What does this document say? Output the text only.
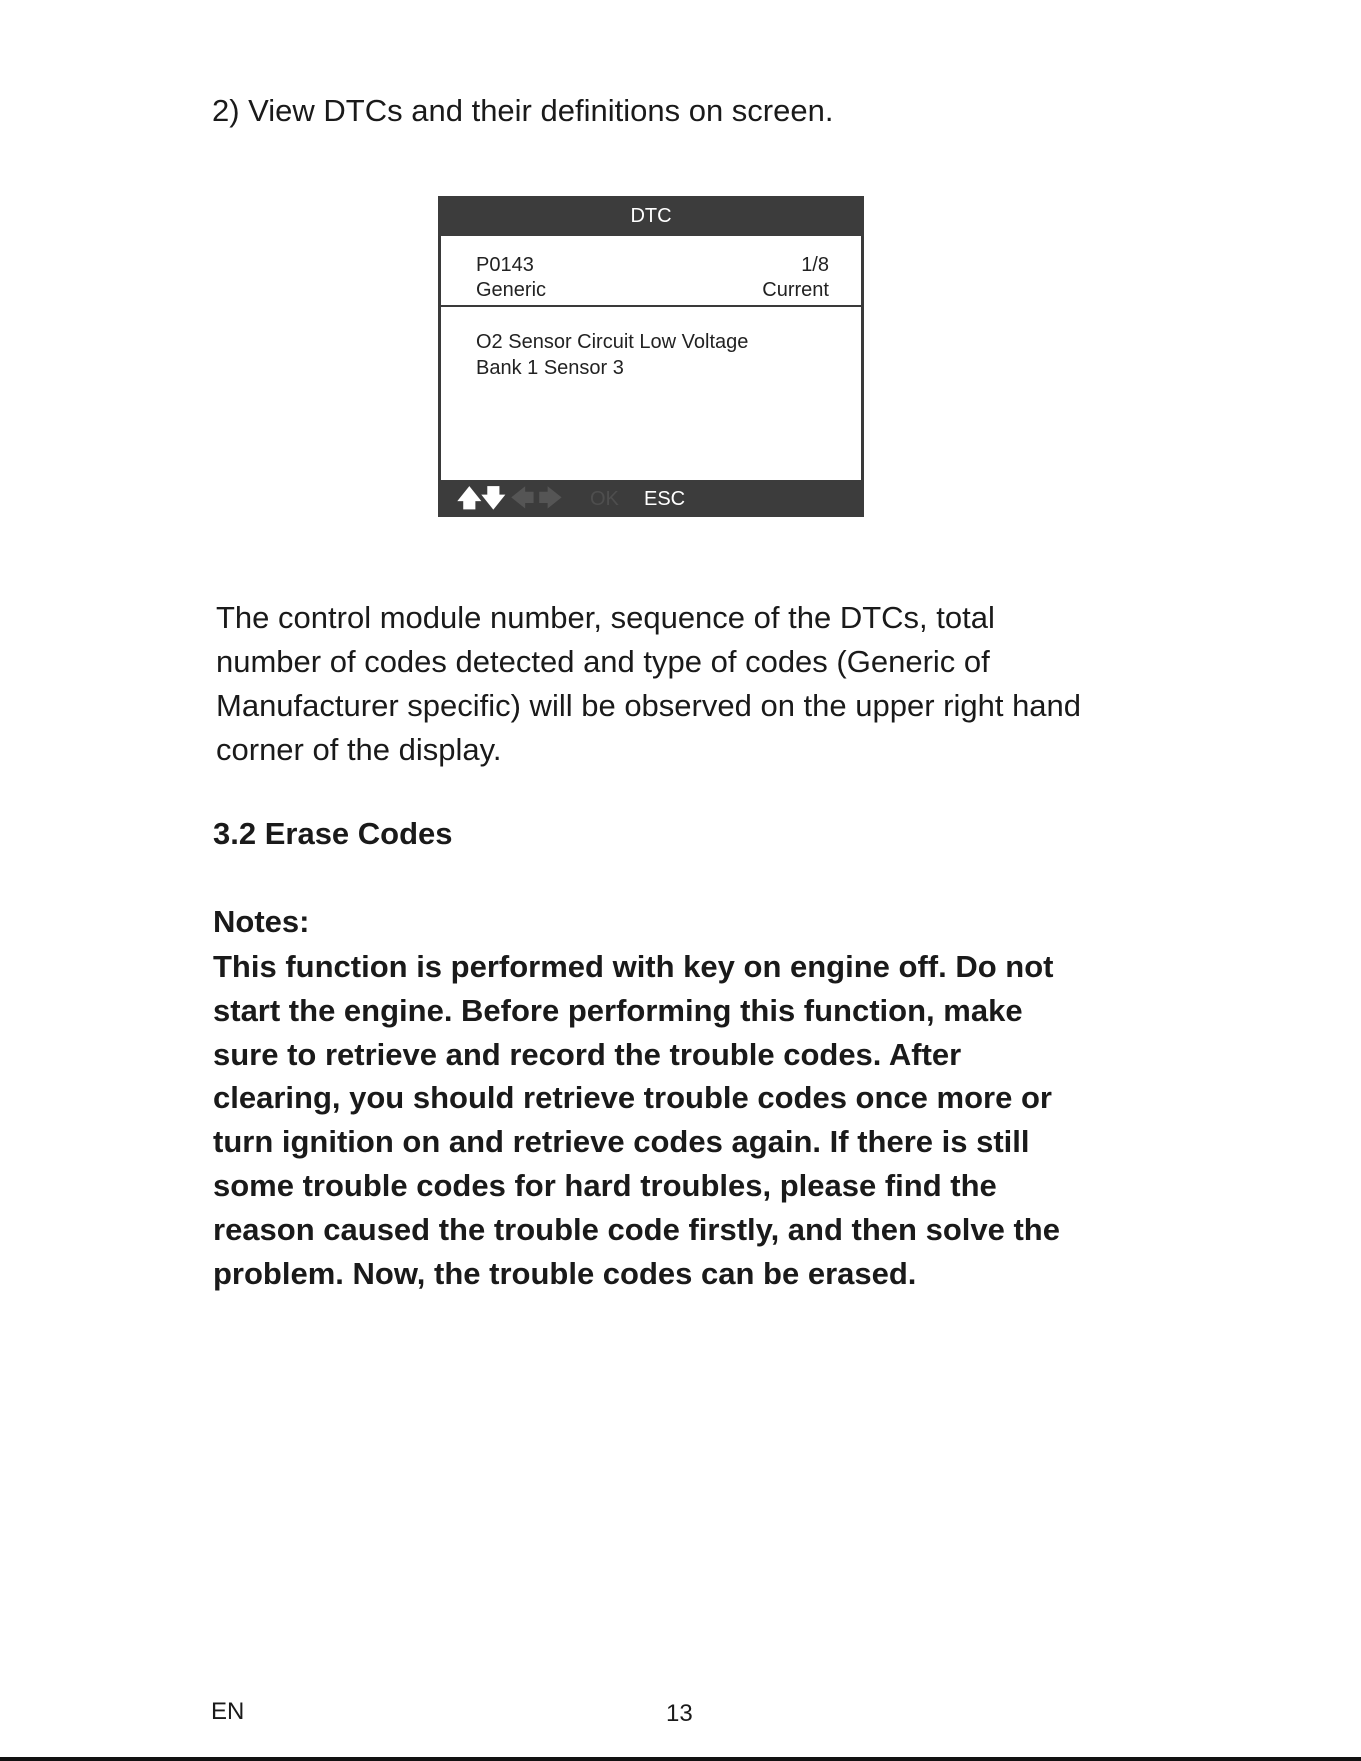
2) View DTCs and their definitions on screen.
DTC
P0143	1/8
Generic	Current
O2 Sensor Circuit Low Voltage
Bank 1 Sensor 3
🡅 🡇 🡄 🡆 OK ESC
The control module number, sequence of the DTCs, total
number of codes detected and type of codes (Generic of
Manufacturer specific) will be observed on the upper right hand
corner of the display.
3.2 Erase Codes
Notes:
This function is performed with key on engine off. Do not
start the engine. Before performing this function, make
sure to retrieve and record the trouble codes. After
clearing, you should retrieve trouble codes once more or
turn ignition on and retrieve codes again. If there is still
some trouble codes for hard troubles, please find the
reason caused the trouble code firstly, and then solve the
problem. Now, the trouble codes can be erased.
EN	13
